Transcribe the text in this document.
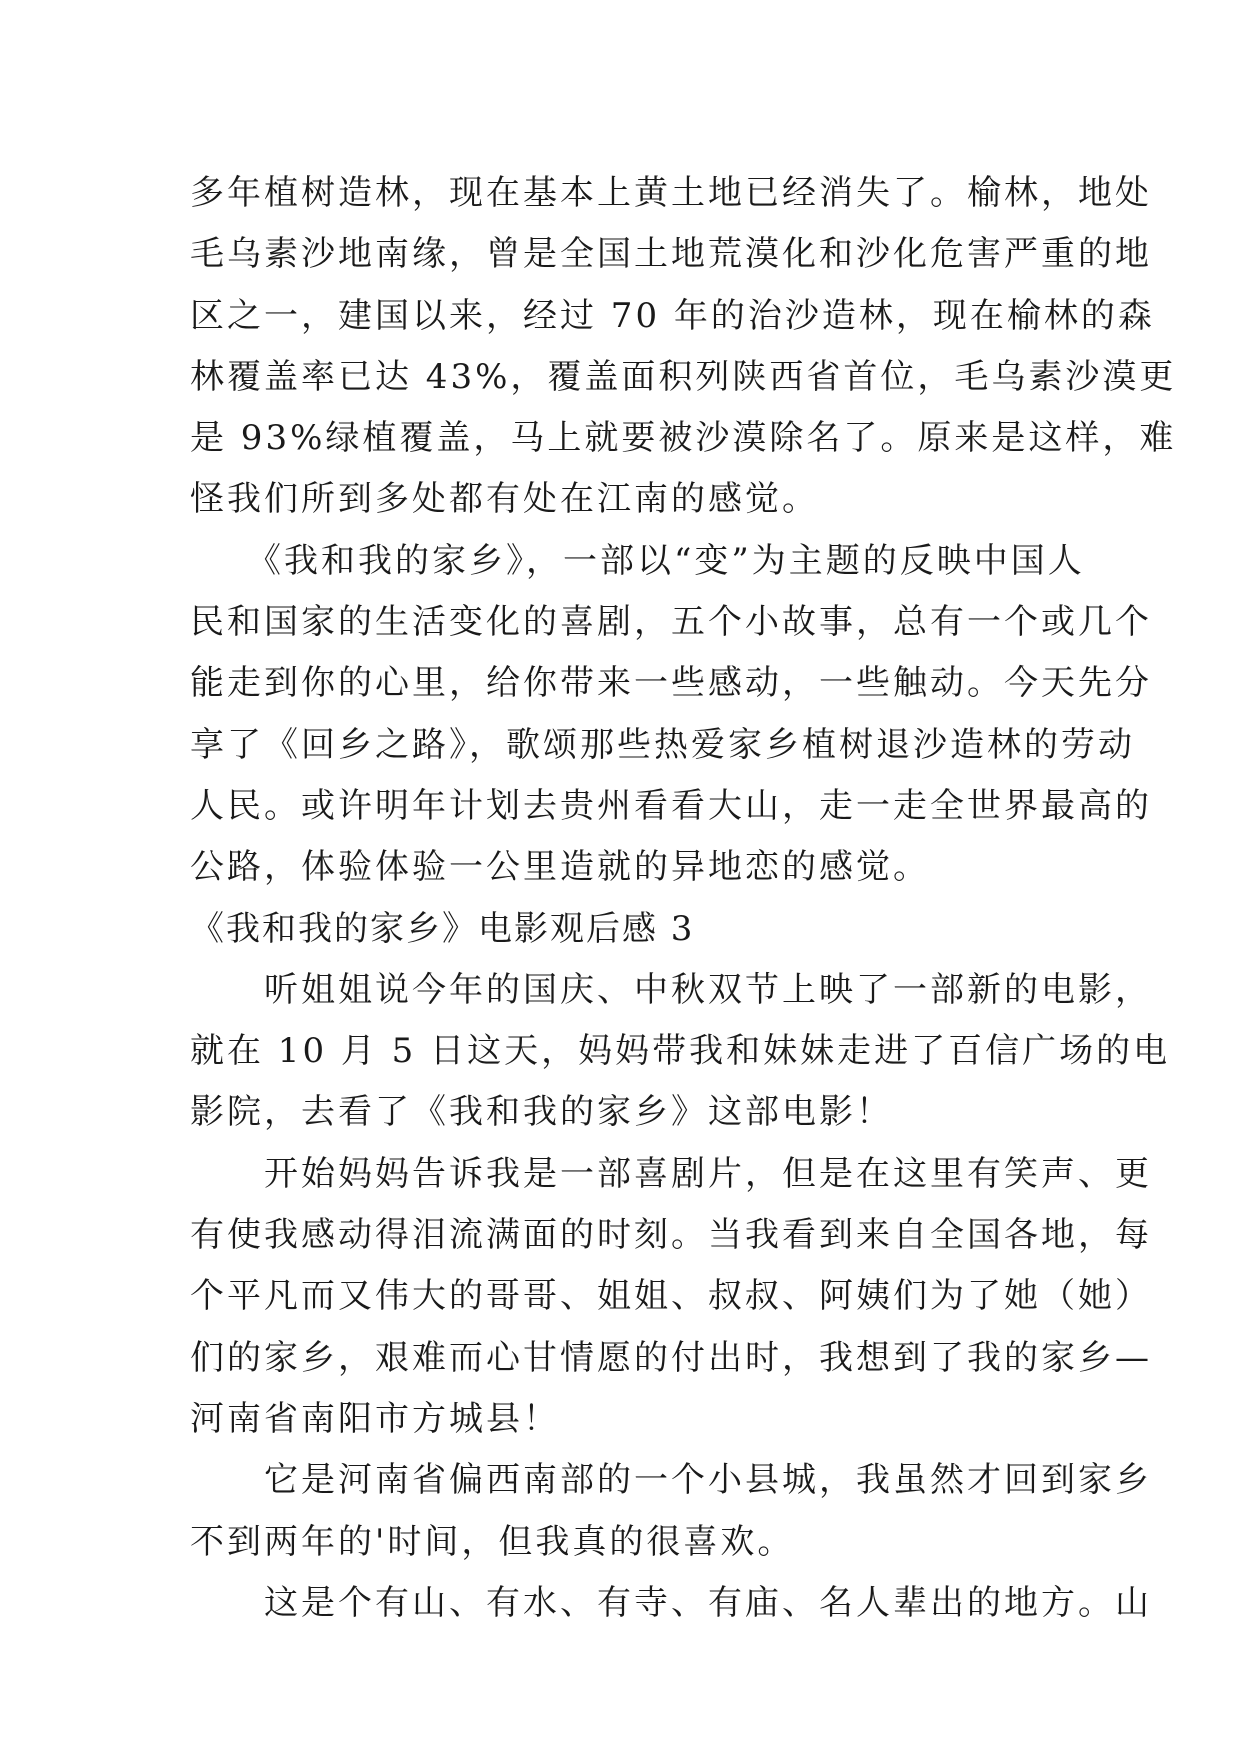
多年植树造林，现在基本上黄土地已经消失了。榆林，地处
毛乌素沙地南缘，曾是全国土地荒漠化和沙化危害严重的地
区之一，建国以来，经过 70 年的治沙造林，现在榆林的森
林覆盖率已达 43%，覆盖面积列陕西省首位，毛乌素沙漠更
是 93%绿植覆盖，马上就要被沙漠除名了。原来是这样，难
怪我们所到多处都有处在江南的感觉。
　　《我和我的家乡》，一部以“变”为主题的反映中国人
民和国家的生活变化的喜剧，五个小故事，总有一个或几个
能走到你的心里，给你带来一些感动，一些触动。今天先分
享了《回乡之路》，歌颂那些热爱家乡植树退沙造林的劳动
人民。或许明年计划去贵州看看大山，走一走全世界最高的
公路，体验体验一公里造就的异地恋的感觉。
《我和我的家乡》电影观后感 3
　　听姐姐说今年的国庆、中秋双节上映了一部新的电影，
就在 10 月 5 日这天，妈妈带我和妹妹走进了百信广场的电
影院，去看了《我和我的家乡》这部电影！
　　开始妈妈告诉我是一部喜剧片，但是在这里有笑声、更
有使我感动得泪流满面的时刻。当我看到来自全国各地，每
个平凡而又伟大的哥哥、姐姐、叔叔、阿姨们为了她（她）
们的家乡，艰难而心甘情愿的付出时，我想到了我的家乡—
河南省南阳市方城县！
　　它是河南省偏西南部的一个小县城，我虽然才回到家乡
不到两年的'时间，但我真的很喜欢。
　　这是个有山、有水、有寺、有庙、名人辈出的地方。山
